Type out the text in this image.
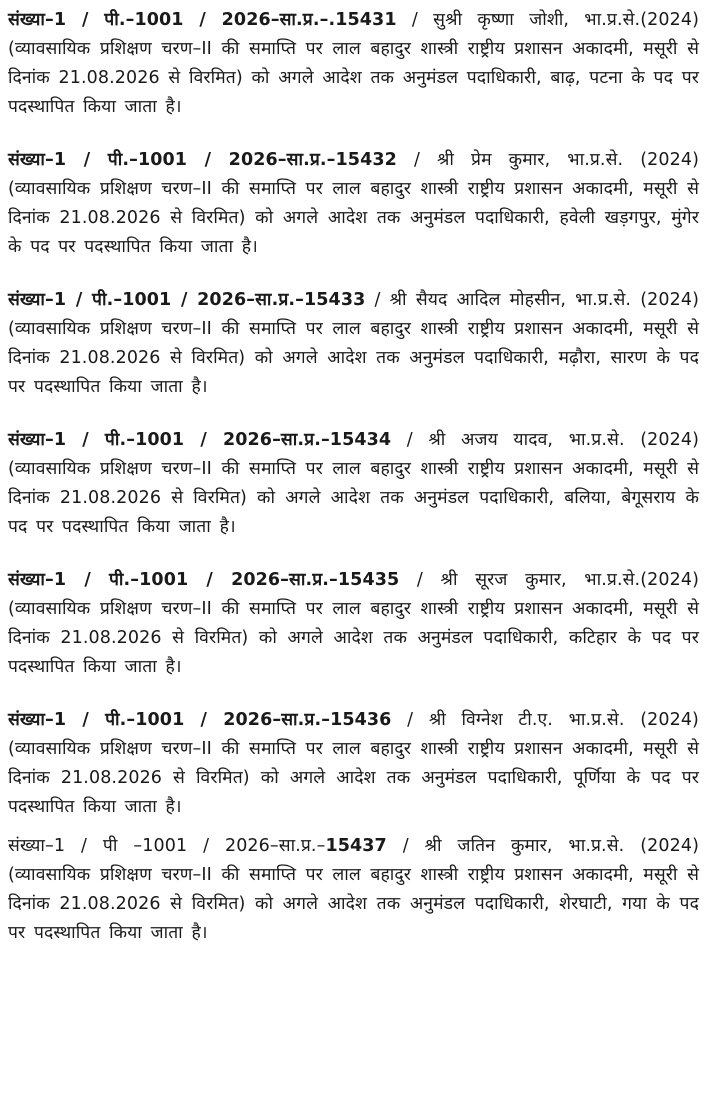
संख्या–1 / पी.–1001 / 2026–सा.प्र.–.15431 / सुश्री कृष्णा जोशी, भा.प्र.से.(2024) (व्यावसायिक प्रशिक्षण चरण–II की समाप्ति पर लाल बहादुर शास्त्री राष्ट्रीय प्रशासन अकादमी, मसूरी से दिनांक 21.08.2026 से विरमित) को अगले आदेश तक अनुमंडल पदाधिकारी, बाढ़, पटना के पद पर पदस्थापित किया जाता है।

संख्या–1 / पी.–1001 / 2026–सा.प्र.–15432 / श्री प्रेम कुमार, भा.प्र.से. (2024) (व्यावसायिक प्रशिक्षण चरण–II की समाप्ति पर लाल बहादुर शास्त्री राष्ट्रीय प्रशासन अकादमी, मसूरी से दिनांक 21.08.2026 से विरमित) को अगले आदेश तक अनुमंडल पदाधिकारी, हवेली खड़गपुर, मुंगेर के पद पर पदस्थापित किया जाता है।

संख्या–1 / पी.–1001 / 2026–सा.प्र.–15433 / श्री सैयद आदिल मोहसीन, भा.प्र.से. (2024) (व्यावसायिक प्रशिक्षण चरण–II की समाप्ति पर लाल बहादुर शास्त्री राष्ट्रीय प्रशासन अकादमी, मसूरी से दिनांक 21.08.2026 से विरमित) को अगले आदेश तक अनुमंडल पदाधिकारी, मढ़ौरा, सारण के पद पर पदस्थापित किया जाता है।

संख्या–1 / पी.–1001 / 2026–सा.प्र.–15434 / श्री अजय यादव, भा.प्र.से. (2024) (व्यावसायिक प्रशिक्षण चरण–II की समाप्ति पर लाल बहादुर शास्त्री राष्ट्रीय प्रशासन अकादमी, मसूरी से दिनांक 21.08.2026 से विरमित) को अगले आदेश तक अनुमंडल पदाधिकारी, बलिया, बेगूसराय के पद पर पदस्थापित किया जाता है।

संख्या–1 / पी.–1001 / 2026–सा.प्र.–15435 / श्री सूरज कुमार, भा.प्र.से.(2024) (व्यावसायिक प्रशिक्षण चरण–II की समाप्ति पर लाल बहादुर शास्त्री राष्ट्रीय प्रशासन अकादमी, मसूरी से दिनांक 21.08.2026 से विरमित) को अगले आदेश तक अनुमंडल पदाधिकारी, कटिहार के पद पर पदस्थापित किया जाता है।

संख्या–1 / पी.–1001 / 2026–सा.प्र.–15436 / श्री विग्नेश टी.ए. भा.प्र.से. (2024) (व्यावसायिक प्रशिक्षण चरण–II की समाप्ति पर लाल बहादुर शास्त्री राष्ट्रीय प्रशासन अकादमी, मसूरी से दिनांक 21.08.2026 से विरमित) को अगले आदेश तक अनुमंडल पदाधिकारी, पूर्णिया के पद पर पदस्थापित किया जाता है।

संख्या–1 / पी –1001 / 2026–सा.प्र.–15437 / श्री जतिन कुमार, भा.प्र.से. (2024) (व्यावसायिक प्रशिक्षण चरण–II की समाप्ति पर लाल बहादुर शास्त्री राष्ट्रीय प्रशासन अकादमी, मसूरी से दिनांक 21.08.2026 से विरमित) को अगले आदेश तक अनुमंडल पदाधिकारी, शेरघाटी, गया के पद पर पदस्थापित किया जाता है।
